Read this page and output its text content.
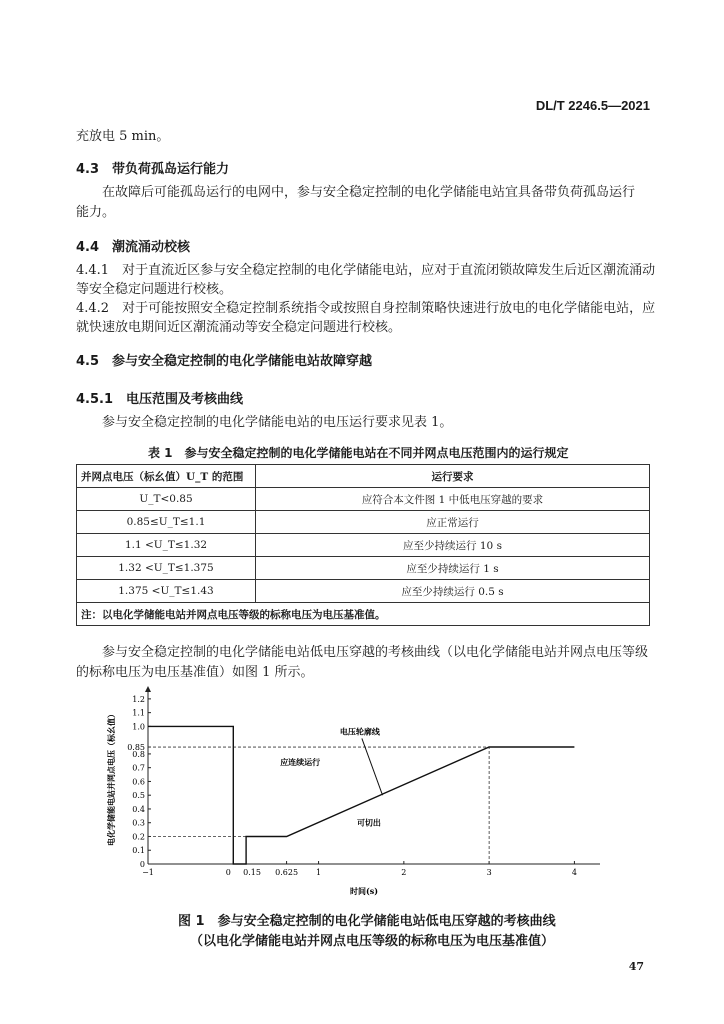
DL/T 2246.5—2021
充放电 5 min。
4.3　带负荷孤岛运行能力
在故障后可能孤岛运行的电网中，参与安全稳定控制的电化学储能电站宜具备带负荷孤岛运行
能力。
4.4　潮流涌动校核
4.4.1　对于直流近区参与安全稳定控制的电化学储能电站，应对于直流闭锁故障发生后近区潮流涌动
等安全稳定问题进行校核。
4.4.2　对于可能按照安全稳定控制系统指令或按照自身控制策略快速进行放电的电化学储能电站，应
就快速放电期间近区潮流涌动等安全稳定问题进行校核。
4.5　参与安全稳定控制的电化学储能电站故障穿越
4.5.1　电压范围及考核曲线
参与安全稳定控制的电化学储能电站的电压运行要求见表 1。
表 1　参与安全稳定控制的电化学储能电站在不同并网点电压范围内的运行规定
并网点电压（标幺值）U_T 的范围	运行要求
U_T<0.85	应符合本文件图 1 中低电压穿越的要求
0.85≤U_T≤1.1	应正常运行
1.1 <U_T≤1.32	应至少持续运行 10 s
1.32 <U_T≤1.375	应至少持续运行 1 s
1.375 <U_T≤1.43	应至少持续运行 0.5 s
注：以电化学储能电站并网点电压等级的标称电压为电压基准值。	
参与安全稳定控制的电化学储能电站低电压穿越的考核曲线（以电化学储能电站并网点电压等级
的标称电压为电压基准值）如图 1 所示。
0
0.1
0.2
0.3
0.4
0.5
0.6
0.7
0.8
0.85
1.0
1.1
1.2
−1	0 0.15 0.625 1	2	3	4
电压轮廓线
应连续运行
可切出
时间(s)
电化学储能电站并网点电压（标幺值）
图 1　参与安全稳定控制的电化学储能电站低电压穿越的考核曲线
（以电化学储能电站并网点电压等级的标称电压为电压基准值）
47
